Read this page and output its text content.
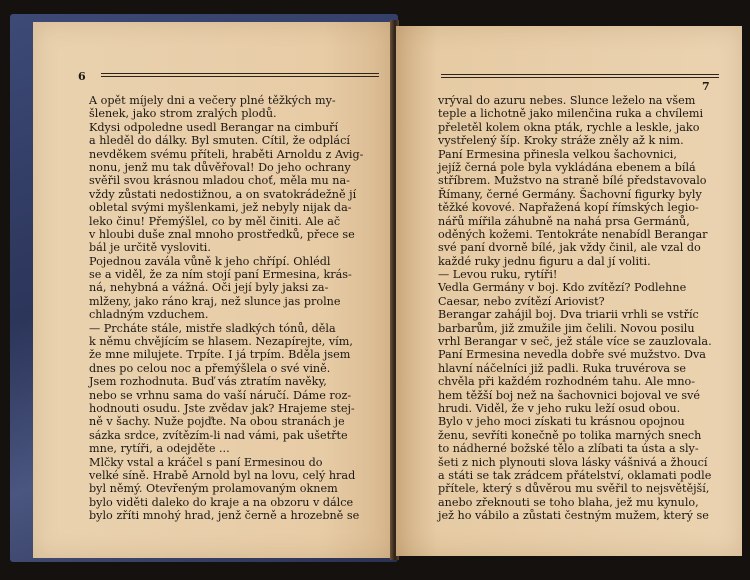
6
A opět míjely dni a večery plné těžkých my-
šlenek, jako strom zralých plodů.
Kdysi odpoledne usedl Berangar na cimbuří
a hleděl do dálky. Byl smuten. Cítil, že odplácí
nevděkem svému příteli, hraběti Arnoldu z Avig-
nonu, jenž mu tak důvěřoval! Do jeho ochrany
svěřil svou krásnou mladou choť, měla mu na-
vždy zůstati nedostižnou, a on svatokrádežně jí
obletal svými myšlenkami, jež nebyly nijak da-
leko činu! Přemýšlel, co by měl činiti. Ale ač
v hloubi duše znal mnoho prostředků, přece se
bál je určitě vysloviti.
Pojednou zavála vůně k jeho chřípí. Ohlédl
se a viděl, že za ním stojí paní Ermesina, krás-
ná, nehybná a vážná. Oči její byly jaksi za-
mlženy, jako ráno kraj, než slunce jas prolne
chladným vzduchem.
— Prcháte stále, mistře sladkých tónů, děla
k němu chvějícím se hlasem. Nezapírejte, vím,
že mne milujete. Trpíte. I já trpím. Bděla jsem
dnes po celou noc a přemýšlela o své vině.
Jsem rozhodnuta. Buď vás ztratím navěky,
nebo se vrhnu sama do vaší náručí. Dáme roz-
hodnouti osudu. Jste zvědav jak? Hrajeme stej-
ně v šachy. Nuže pojďte. Na obou stranách je
sázka srdce, zvítězím-li nad vámi, pak ušetřte
mne, rytíři, a odejděte ...
Mlčky vstal a kráčel s paní Ermesinou do
velké síně. Hrabě Arnold byl na lovu, celý hrad
byl němý. Otevřeným prolamovaným oknem
bylo viděti daleko do kraje a na obzoru v dálce
bylo zříti mnohý hrad, jenž černě a hrozebně se
7
vrýval do azuru nebes. Slunce leželo na všem
teple a lichotně jako milenčina ruka a chvílemi
přeletěl kolem okna pták, rychle a leskle, jako
vystřelený šíp. Kroky stráže zněly až k nim.
Paní Ermesina přinesla velkou šachovnici,
jejíž černá pole byla vykládána ebenem a bílá
stříbrem. Mužstvo na straně bílé představovalo
Římany, černé Germány. Šachovní figurky byly
těžké kovové. Napřažená kopí římských legio-
nářů mířila záhubně na nahá prsa Germánů,
oděných kožemi. Tentokráte nenabídl Berangar
své paní dvorně bílé, jak vždy činil, ale vzal do
každé ruky jednu figuru a dal jí voliti.
— Levou ruku, rytíři!
Vedla Germány v boj. Kdo zvítězí? Podlehne
Caesar, nebo zvítězí Ariovist?
Berangar zahájil boj. Dva triarii vrhli se vstříc
barbarům, již zmužile jim čelili. Novou posilu
vrhl Berangar v seč, jež stále více se zauzlovala.
Paní Ermesina nevedla dobře své mužstvo. Dva
hlavní náčelníci již padli. Ruka truvérova se
chvěla při každém rozhodném tahu. Ale mno-
hem těžší boj než na šachovnici bojoval ve své
hrudi. Viděl, že v jeho ruku leží osud obou.
Bylo v jeho moci získati tu krásnou opojnou
ženu, sevříti konečně po tolika marných snech
to nádherné božské tělo a zlíbati ta ústa a sly-
šeti z nich plynouti slova lásky vášnivá a žhoucí
a státi se tak zrádcem přátelství, oklamati podle
přítele, který s důvěrou mu svěřil to nejsvětější,
anebo zřeknouti se toho blaha, jež mu kynulo,
jež ho vábilo a zůstati čestným mužem, který se
